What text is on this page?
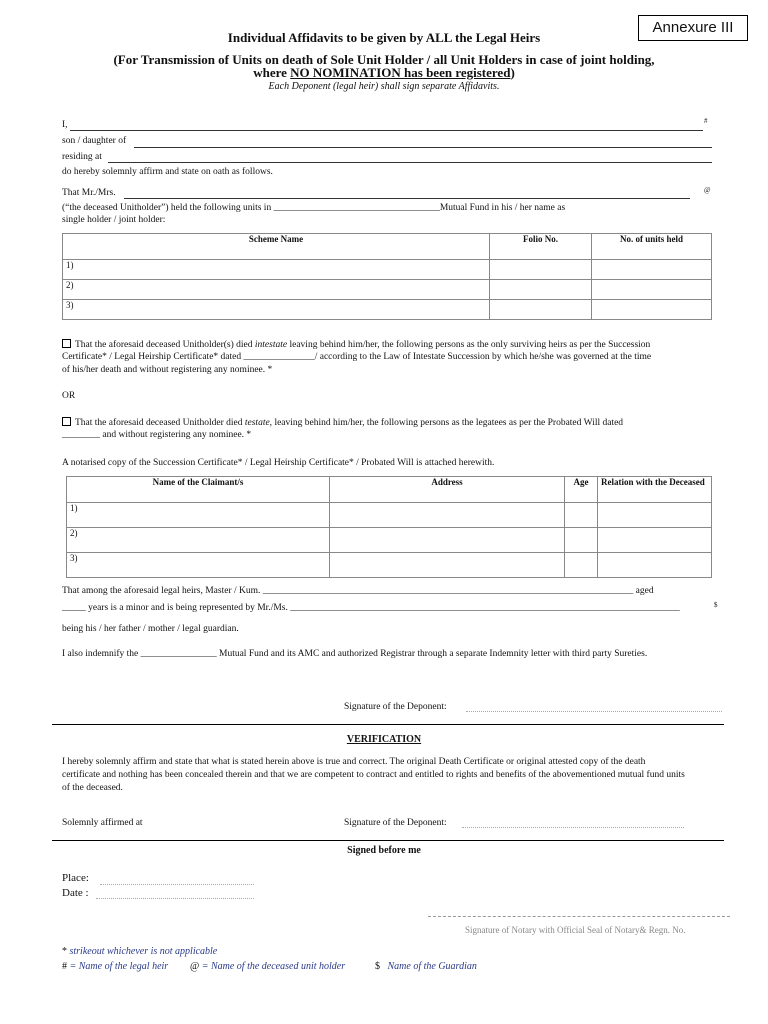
Annexure III
Individual Affidavits to be given by ALL the Legal Heirs
(For Transmission of Units on death of Sole Unit Holder / all Unit Holders in case of joint holding,
where NO NOMINATION has been registered)
Each Deponent (legal heir) shall sign separate Affidavits.
I,	#
son / daughter of
residing at
do hereby solemnly affirm and state on oath as follows.
That Mr./Mrs.	@
(“the deceased Unitholder”) held the following units in ___________________________________Mutual Fund in his / her name as
single holder / joint holder:
Scheme Name	Folio No.	No. of units held
1)		
2)		
3)		
That the aforesaid deceased Unitholder(s) died intestate leaving behind him/her, the following persons as the only surviving heirs as per the Succession
Certificate* / Legal Heirship Certificate* dated _______________/ according to the Law of Intestate Succession by which he/she was governed at the time
of his/her death and without registering any nominee. *
OR
That the aforesaid deceased Unitholder died testate, leaving behind him/her, the following persons as the legatees as per the Probated Will dated
________ and without registering any nominee. *
A notarised copy of the Succession Certificate* / Legal Heirship Certificate* / Probated Will is attached herewith.
Name of the Claimant/s	Address	Age	Relation with the Deceased
1)			
2)			
3)			
That among the aforesaid legal heirs, Master / Kum. ______________________________________________________________________________ aged
_____ years is a minor and is being represented by Mr./Ms. __________________________________________________________________________________	$
being his / her father / mother / legal guardian.
I also indemnify the ________________ Mutual Fund and its AMC and authorized Registrar through a separate Indemnity letter with third party Sureties.
Signature of the Deponent:
VERIFICATION
I hereby solemnly affirm and state that what is stated herein above is true and correct. The original Death Certificate or original attested copy of the death
certificate and nothing has been concealed therein and that we are competent to contract and entitled to rights and benefits of the abovementioned mutual fund units
of the deceased.
Solemnly affirmed at	Signature of the Deponent:
Signed before me
Place:
Date :
Signature of Notary with Official Seal of Notary& Regn. No.
* strikeout whichever is not applicable
# = Name of the legal heir @ = Name of the deceased unit holder	$ Name of the Guardian
